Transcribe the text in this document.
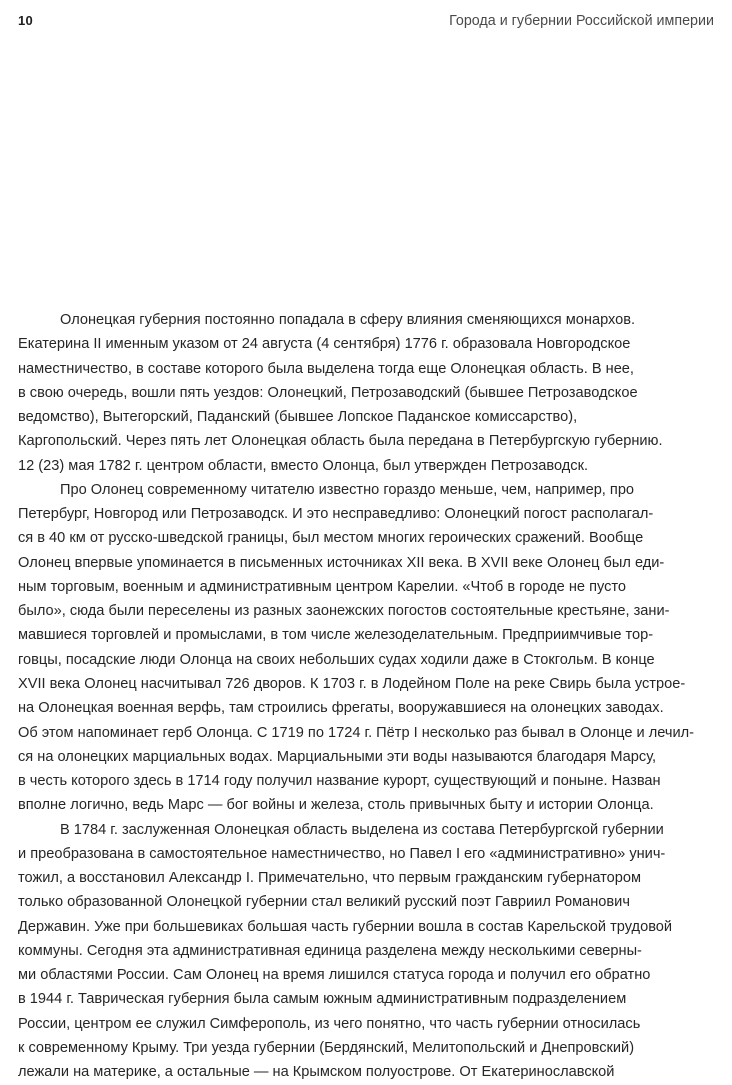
10	Города и губернии Российской империи
Олонецкая губерния постоянно попадала в сферу влияния сменяющихся монархов.
Екатерина II именным указом от 24 августа (4 сентября) 1776 г. образовала Новгородское
наместничество, в составе которого была выделена тогда еще Олонецкая область. В нее,
в свою очередь, вошли пять уездов: Олонецкий, Петрозаводский (бывшее Петрозаводское
ведомство), Вытегорский, Паданский (бывшее Лопское Паданское комиссарство),
Каргопольский. Через пять лет Олонецкая область была передана в Петербургскую губернию.
12 (23) мая 1782 г. центром области, вместо Олонца, был утвержден Петрозаводск.
Про Олонец современному читателю известно гораздо меньше, чем, например, про
Петербург, Новгород или Петрозаводск. И это несправедливо: Олонецкий погост располагал-
ся в 40 км от русско-шведской границы, был местом многих героических сражений. Вообще
Олонец впервые упоминается в письменных источниках XII века. В XVII веке Олонец был еди-
ным торговым, военным и административным центром Карелии. «Чтоб в городе не пусто
было», сюда были переселены из разных заонежских погостов состоятельные крестьяне, зани-
мавшиеся торговлей и промыслами, в том числе железоделательным. Предприимчивые тор-
говцы, посадские люди Олонца на своих небольших судах ходили даже в Стокгольм. В конце
XVII века Олонец насчитывал 726 дворов. К 1703 г. в Лодейном Поле на реке Свирь была устрое-
на Олонецкая военная верфь, там строились фрегаты, вооружавшиеся на олонецких заводах.
Об этом напоминает герб Олонца. С 1719 по 1724 г. Пётр I несколько раз бывал в Олонце и лечил-
ся на олонецких марциальных водах. Марциальными эти воды называются благодаря Марсу,
в честь которого здесь в 1714 году получил название курорт, существующий и поныне. Назван
вполне логично, ведь Марс — бог войны и железа, столь привычных быту и истории Олонца.
В 1784 г. заслуженная Олонецкая область выделена из состава Петербургской губернии
и преобразована в самостоятельное наместничество, но Павел I его «административно» унич-
тожил, а восстановил Александр I. Примечательно, что первым гражданским губернатором
только образованной Олонецкой губернии стал великий русский поэт Гавриил Романович
Державин. Уже при большевиках большая часть губернии вошла в состав Карельской трудовой
коммуны. Сегодня эта административная единица разделена между несколькими северны-
ми областями России. Сам Олонец на время лишился статуса города и получил его обратно
в 1944 г. Таврическая губерния была самым южным административным подразделением
России, центром ее служил Симферополь, из чего понятно, что часть губернии относилась
к современному Крыму. Три уезда губернии (Бердянский, Мелитопольский и Днепровский)
лежали на материке, а остальные — на Крымском полуострове. От Екатеринославской
